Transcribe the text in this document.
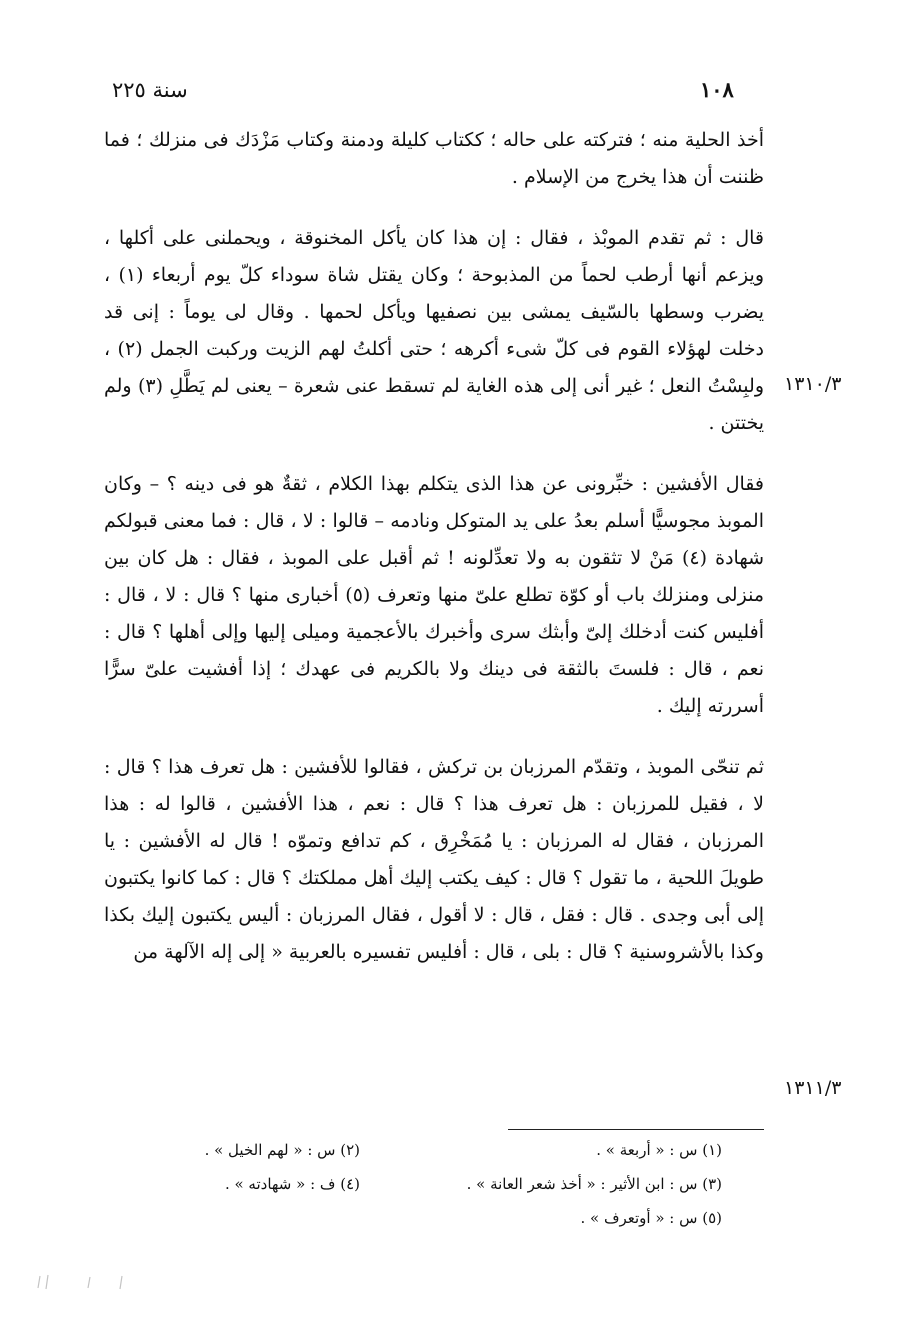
١٠٨
سنة ٢٢٥

أخذ الحلية منه ؛ فتركته على حاله ؛ ككتاب كليلة ودمنة وكتاب مَزْدَك فى منزلك ؛ فما ظننت أن هذا يخرج من الإسلام .

قال : ثم تقدم الموبْذ ، فقال : إن هذا كان يأكل المخنوقة ، ويحملنى على أكلها ، ويزعم أنها أرطب لحماً من المذبوحة ؛ وكان يقتل شاة سوداء كلّ يوم أربعاء (١) ، يضرب وسطها بالسّيف يمشى بين نصفيها ويأكل لحمها . وقال لى يوماً : إنى قد دخلت لهؤلاء القوم فى كلّ شىء أكرهه ؛ حتى أكلتُ لهم الزيت وركبت الجمل (٢) ، ولبِسْتُ النعل ؛ غير أنى إلى هذه الغاية لم تسقط عنى شعرة – يعنى لم يَطَّلِ (٣) ولم يختتن .

فقال الأفشين : خبِّرونى عن هذا الذى يتكلم بهذا الكلام ، ثقةٌ هو فى دينه ؟ – وكان الموبذ مجوسيًّا أسلم بعدُ على يد المتوكل ونادمه – قالوا : لا ، قال : فما معنى قبولكم شهادة (٤) مَنْ لا تثقون به ولا تعدِّلونه ! ثم أقبل على الموبذ ، فقال : هل كان بين منزلى ومنزلك باب أو كوّة تطلع علىّ منها وتعرف (٥) أخبارى منها ؟ قال : لا ، قال : أفليس كنت أدخلك إلىّ وأبثك سرى وأخبرك بالأعجمية وميلى إليها وإلى أهلها ؟ قال : نعم ، قال : فلستَ بالثقة فى دينك ولا بالكريم فى عهدك ؛ إذا أفشيت علىّ سرًّا أسررته إليك .

ثم تنحّى الموبذ ، وتقدّم المرزبان بن تركش ، فقالوا للأفشين : هل تعرف هذا ؟ قال : لا ، فقيل للمرزبان : هل تعرف هذا ؟ قال : نعم ، هذا الأفشين ، قالوا له : هذا المرزبان ، فقال له المرزبان : يا مُمَخْرِق ، كم تدافع وتموّه ! قال له الأفشين : يا طويلَ اللحية ، ما تقول ؟ قال : كيف يكتب إليك أهل مملكتك ؟ قال : كما كانوا يكتبون إلى أبى وجدى . قال : فقل ، قال : لا أقول ، فقال المرزبان : أليس يكتبون إليك بكذا وكذا بالأشروسنية ؟ قال : بلى ، قال : أفليس تفسيره بالعربية « إلى إله الآلهة من

١٣١٠/٣
١٣١١/٣
(١) س : « أربعة » .
(٢) س : « لهم الخيل » .
(٣) س : ابن الأثير : « أخذ شعر العانة » .
(٤) ف : « شهادته » .
(٥) س : « أوتعرف » .
